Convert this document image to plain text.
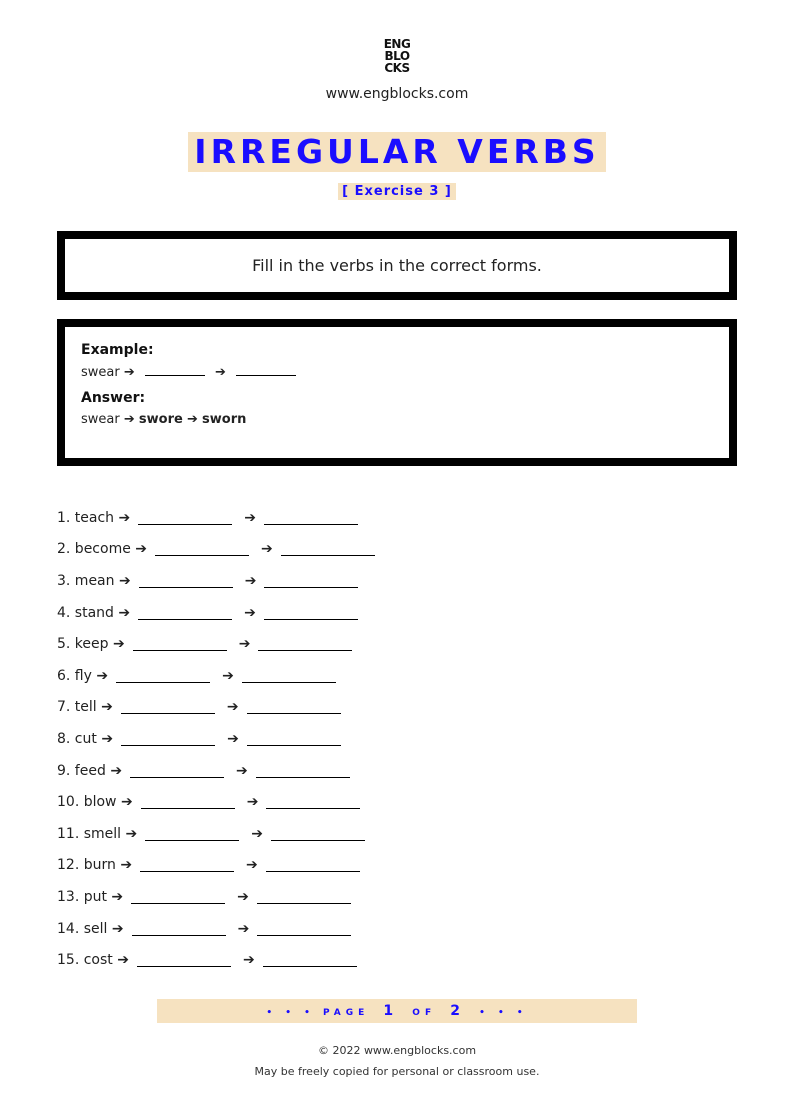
ENG
BLO
CKS
www.engblocks.com
IRREGULAR VERBS
[ Exercise 3 ]
Fill in the verbs in the correct forms.
Example:
swear ➔	➔
Answer:
swear ➔ swore ➔ sworn
1. teach
➔	➔
2. become
➔	➔
3. mean
➔	➔
4. stand
➔	➔
5. keep
➔	➔
6. fly
➔	➔
7. tell
➔	➔
8. cut
➔	➔
9. feed
➔	➔
10. blow
➔	➔
11. smell
➔	➔
12. burn
➔	➔
13. put
➔	➔
14. sell
➔	➔
15. cost
➔	➔
• • • PAGE 1 OF 2 • • •
© 2022 www.engblocks.com
May be freely copied for personal or classroom use.
